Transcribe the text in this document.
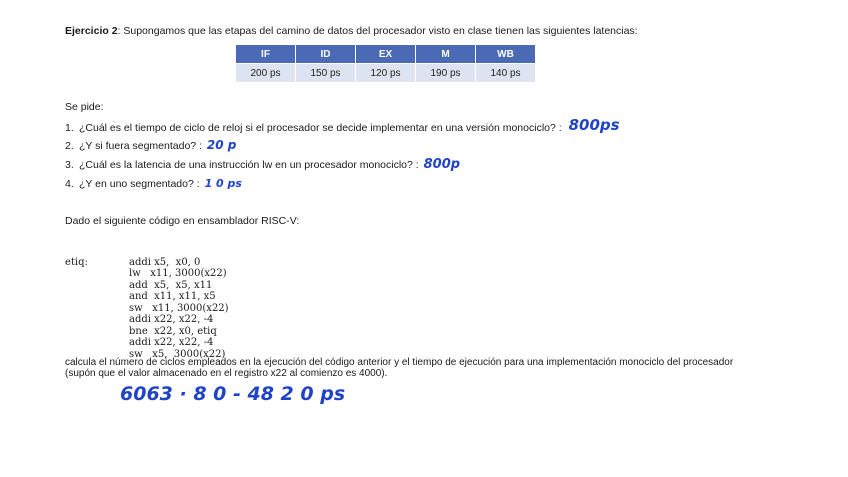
Ejercicio 2: Supongamos que las etapas del camino de datos del procesador visto en clase tienen las siguientes latencias:
IF	ID	EX	M	WB
200 ps	150 ps	120 ps	190 ps	140 ps
Se pide:
1. ¿Cuál es el tiempo de ciclo de reloj si el procesador se decide implementar en una versión monociclo? : 800ps
2. ¿Y si fuera segmentado? : 20 p
3. ¿Cuál es la latencia de una instrucción lw en un procesador monociclo? : 800p
4. ¿Y en uno segmentado? : 1 0 ps
Dado el siguiente código en ensamblador RISC-V:
etiq:	addi x5,  x0, 0
lw   x11, 3000(x22)
add  x5,  x5, x11
and  x11, x11, x5
sw   x11, 3000(x22)
addi x22, x22, -4
bne  x22, x0, etiq
addi x22, x22, -4
sw   x5,  3000(x22)

calcula el número de ciclos empleados en la ejecución del código anterior y el tiempo de ejecución para una implementación monociclo del procesador
(supón que el valor almacenado en el registro x22 al comienzo es 4000).
6063 · 8 0 - 48 2 0 ps
